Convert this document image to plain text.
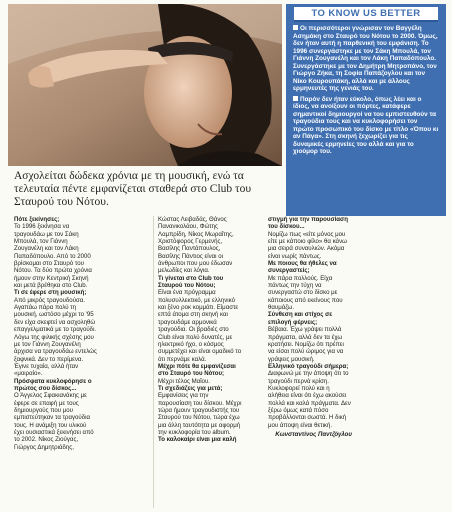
Ασχολείται δώδεκα χρόνια με τη μουσική, ενώ τα τελευταία πέντε εμφανίζεται σταθερά στο Club του Σταυρού του Νότου.
TO KNOW US BETTER

Οι περισσότεροι γνώρισαν τον Βαγγέλη Ασημάκη στο Σταυρό του Νότου το 2000. Όμως, δεν ήταν αυτή η παρθενική του εμφάνιση. Το 1996 συνεργάστηκε με τον Σάκη Μπουλά, τον Γιάννη Ζουγανέλη και τον Λάκη Παπαδόπουλο. Συνεργάστηκε με τον Δημήτρη Μητροπάνο, τον Γιώργο Ζήκα, τη Σοφία Παπάζογλου και τον Νίκο Κουρουπάκη, αλλά και με άλλους ερμηνευτές της γενιάς του.

Παρόν δεν ήταν εύκολο, όπως λέει και ο ίδιος, να ανοίξουν οι πόρτες, κατάφερε σημαντικοί δημιουργοί να του εμπιστευθούν τα τραγούδια τους και να κυκλοφορήσει τον πρώτο προσωπικό του δίσκο με τίτλο «Όπου κι αν Πάγα». Στη σκηνή ξεχωρίζει για τις δυναμικές ερμηνείες του αλλά και για το χιούμορ του.

Πότε ξεκίνησες;

Το 1996 ξεκίνησα να τραγουδάω με τον Σάκη Μπουλά, τον Γιάννη Ζουγανέλη και τον Λάκη Παπαδόπουλο. Από το 2000 βρίσκομαι στο Σταυρό του Νότου. Τα δύο πρώτα χρόνια ήμουν στην Κεντρική Σκηνή και μετά βρέθηκα στο Club.

Τι σε έφερε στη μουσική;

Από μικρός τραγουδούσα. Αγαπάω πάρα πολύ τη μουσική, ωστόσο μέχρι το '95 δεν είχα σκεφτεί να ασχοληθώ επαγγελματικά με το τραγούδι. Λόγω της φιλικής σχέσης μου με τον Γιάννη Ζουγανέλη άρχισα να τραγουδάω εντελώς ξαφνικά. Δεν το περίμενα. Έγινε τυχαία, αλλά ήταν «μοιραίο».

Πρόσφατα κυκλοφόρησε ο πρώτος σου δίσκος...

Ο Άγγελος Σφακιανάκης με έφερε σε επαφή με τους δημιουργούς που μου εμπιστεύτηκαν τα τραγούδια τους. Η ανάμιξη του υλικού έχει ουσιαστικά ξεκινήσει από το 2002. Νίκος Ζιούγας, Γιώργος Δημητριάδης,

Κώστας Λειβαδάς, Θάνος Πανανικολάου, Φώτης Λαμπρίδη, Νίκος Μωραΐτης, Χριστόφορος Γερμενής, Βασίλης Παντάπουλος, Βασίλης Πάντιος είναι οι άνθρωποι που μου έδωσαν μελωδίες και λόγια.

Τι γίνεται στο Club του Σταυρού του Νότου;

Είναι ένα πρόγραμμα πολυσυλλεκτικό, με ελληνικό και ξένο ροκ κομμάτι. Είμαστε επτά άτομα στη σκηνή και τραγουδάμε αρμονικά τραγούδια. Οι βραδιές στο Club είναι πολύ δυνατές, με ηλεκτρικό ήχο, ο κόσμος συμμετέχει και είναι ομαδικό το ότι περνάμε καλά.

Μέχρι πότε θα εμφανίζεσαι στο Σταυρό του Νότου;

Μέχρι τέλος Μαΐου.

Τι σχεδιάζεις για μετά;

Εμφανίσεις για την παρουσίαση του δίσκου. Μέχρι τώρα ήμουν τραγουδιστής του Σταυρού του Νότου, τώρα έχω μια άλλη ταυτότητα με αφορμή την κυκλοφορία του album.

Το καλοκαίρι είναι μια καλή

στιγμή για την παρουσίαση του δίσκου...

Νομίζω πως «είτε μόνος μου είτε με κάποιο φίλο» θα κάνω μια σειρά συναυλιών. Ακόμα είναι νωρίς πάντως.

Με ποιους θα ήθελες να συνεργαστείς;

Με πάρα πολλούς. Είχα πάντως την τύχη να συνεργαστώ στο δίσκο με κάποιους από εκείνους που θαυμάζω.

Σύνθεση και στίχος σε επιλογή φέρνεις;

Βέβαια. Έχω γράψει πολλά πράγματα, αλλά δεν τα έχω κρατήσει. Νομίζω ότι πρέπει να είσαι πολύ ώριμος για να γράψεις μουσική.

Ελληνικό τραγούδι σήμερα;

Διαφωνώ με την άποψη ότι το τραγούδι περνά κρίση. Κυκλοφορεί πολύ και η αλήθεια είναι ότι έχω ακούσει πολλά και καλά πράγματα. Δεν ξέρω όμως κατά πόσο προβάλλονται σωστά. Η δική μου άποψη είναι θετική.

Κωνσταντίνος Παντζόγλου
